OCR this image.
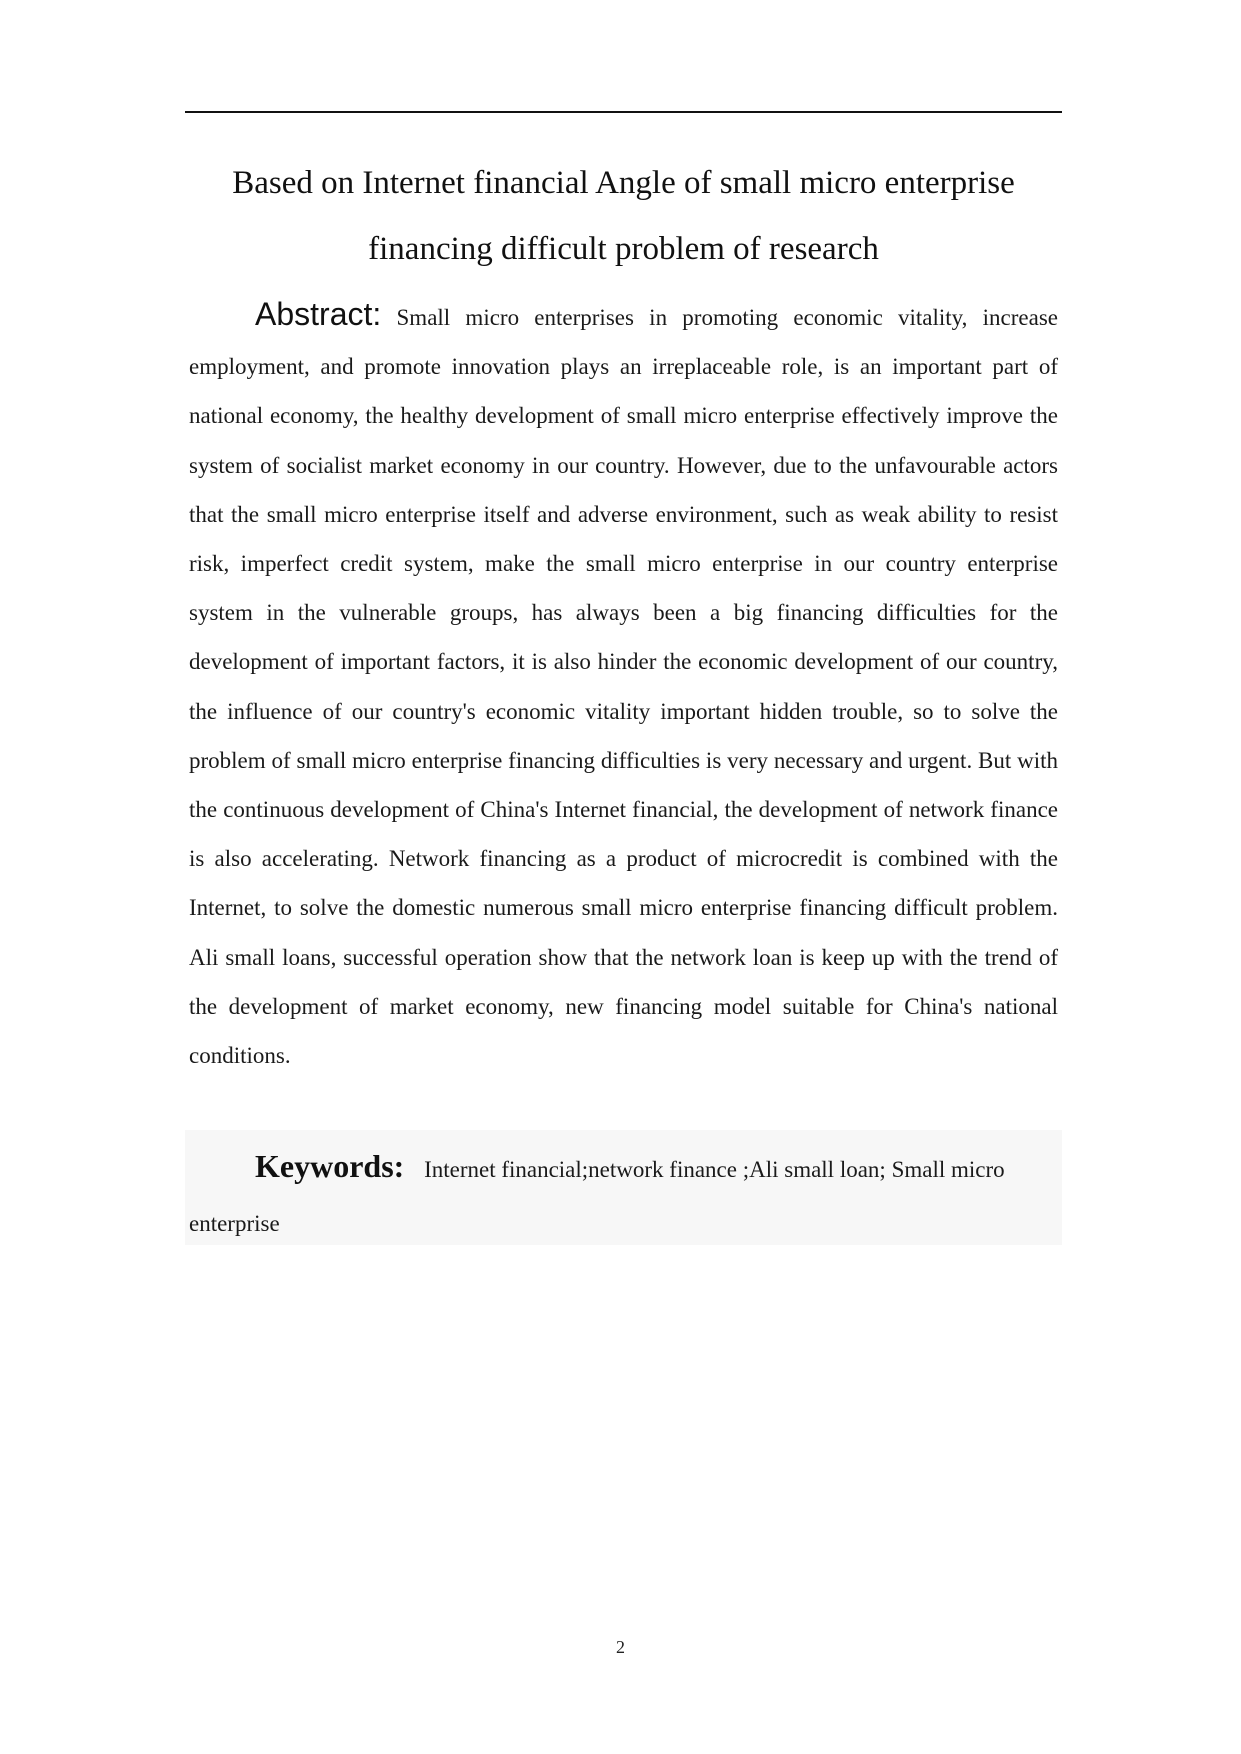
Based on Internet financial Angle of small micro enterprise financing difficult problem of research
Abstract: Small micro enterprises in promoting economic vitality, increase employment, and promote innovation plays an irreplaceable role, is an important part of national economy, the healthy development of small micro enterprise effectively improve the system of socialist market economy in our country. However, due to the unfavourable actors that the small micro enterprise itself and adverse environment, such as weak ability to resist risk, imperfect credit system, make the small micro enterprise in our country enterprise system in the vulnerable groups, has always been a big financing difficulties for the development of important factors, it is also hinder the economic development of our country, the influence of our country's economic vitality important hidden trouble, so to solve the problem of small micro enterprise financing difficulties is very necessary and urgent. But with the continuous development of China's Internet financial, the development of network finance is also accelerating. Network financing as a product of microcredit is combined with the Internet, to solve the domestic numerous small micro enterprise financing difficult problem. Ali small loans, successful operation show that the network loan is keep up with the trend of the development of market economy, new financing model suitable for China's national conditions.
Keywords: Internet financial;network finance ;Ali small loan; Small micro enterprise
2
